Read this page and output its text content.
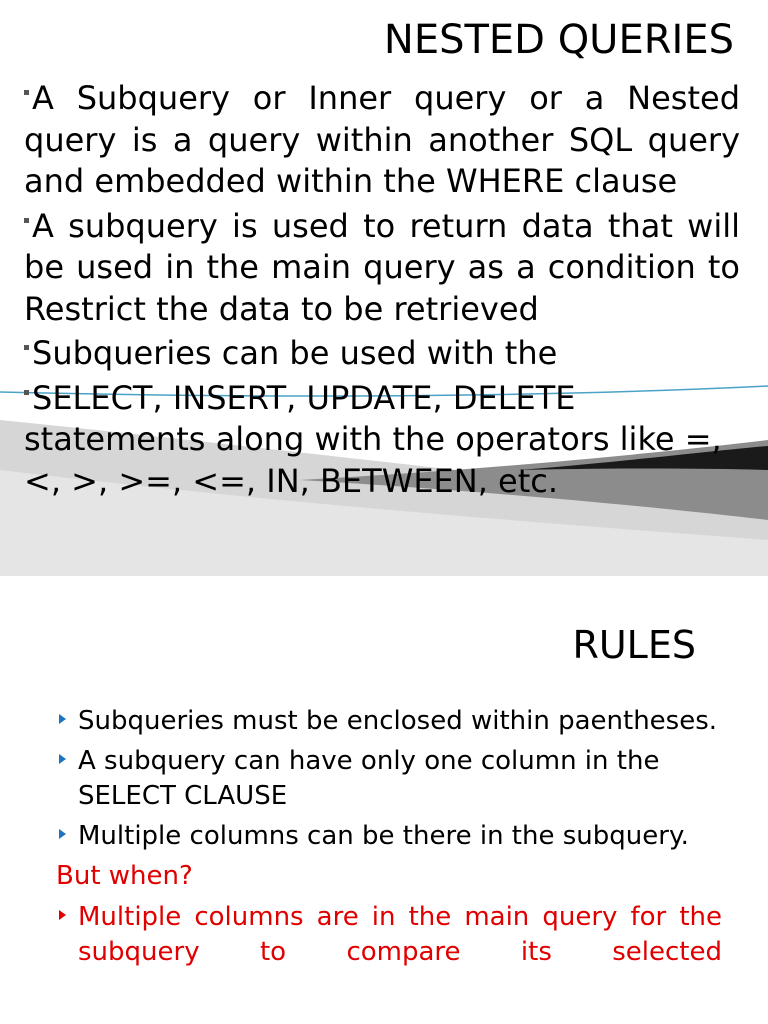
NESTED QUERIES
A Subquery or Inner query or a Nested query is a query within another SQL query and embedded within the WHERE clause
A subquery is used to return data that will be used in the main query as a condition to Restrict the data to be retrieved
Subqueries can be used with the
SELECT, INSERT, UPDATE, DELETE statements along with the operators like =, <, >, >=, <=, IN, BETWEEN, etc.
RULES
Subqueries must be enclosed within paentheses.
A subquery can have only one column in the SELECT CLAUSE
Multiple columns can be there in the subquery.
But when?
Multiple columns are in the main query for the subquery to compare its selected
